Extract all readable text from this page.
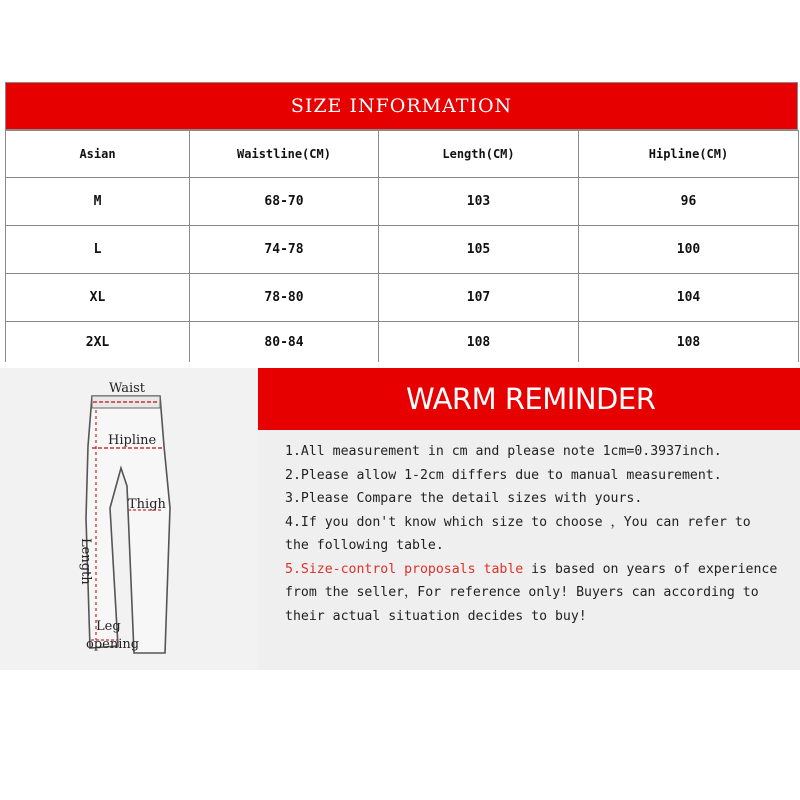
SIZE INFORMATION
Asian	Waistline(CM)	Length(CM)	Hipline(CM)
M	68-70	103	96
L	74-78	105	100
XL	78-80	107	104
2XL	80-84	108	108
Waist
Hipline
Length
Thigh
Leg
opening
WARM REMINDER

1.All measurement in cm and please note 1cm=0.3937inch.

2.Please allow 1-2cm differs due to manual measurement.

3.Please Compare the detail sizes with yours.

4.If you don't know which size to choose ，You can refer to

the following table.

5.Size-control proposals table is based on years of experience

from the seller，For reference only! Buyers can according to

their actual situation decides to buy!
